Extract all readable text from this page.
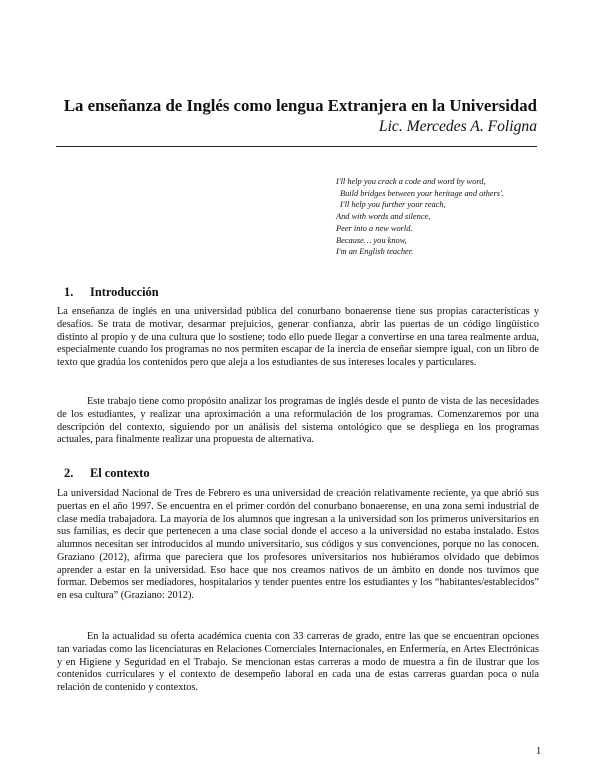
La enseñanza de Inglés como lengua Extranjera en la Universidad
Lic. Mercedes A. Foligna
I'll help you crack a code and word by word,
Build bridges between your heritage and others'.
I'll help you further your reach,
And with words and silence,
Peer into a new world.
Because… you know,
I'm an English teacher.
1. Introducción

La enseñanza de inglés en una universidad pública del conurbano bonaerense tiene sus propias características y desafíos. Se trata de motivar, desarmar prejuicios, generar confianza, abrir las puertas de un código lingüístico distinto al propio y de una cultura que lo sostiene; todo ello puede llegar a convertirse en una tarea realmente ardua, especialmente cuando los programas no nos permiten escapar de la inercia de enseñar siempre igual, con un libro de texto que gradúa los contenidos pero que aleja a los estudiantes de sus intereses locales y particulares.

Este trabajo tiene como propósito analizar los programas de inglés desde el punto de vista de las necesidades de los estudiantes, y realizar una aproximación a una reformulación de los programas. Comenzaremos por una descripción del contexto, siguiendo por un análisis del sistema ontológico que se despliega en los programas actuales, para finalmente realizar una propuesta de alternativa.

2. El contexto

La universidad Nacional de Tres de Febrero es una universidad de creación relativamente reciente, ya que abrió sus puertas en el año 1997. Se encuentra en el primer cordón del conurbano bonaerense, en una zona semi industrial de clase media trabajadora. La mayoría de los alumnos que ingresan a la universidad son los primeros universitarios en sus familias, es decir que pertenecen a una clase social donde el acceso a la universidad no estaba instalado. Estos alumnos necesitan ser introducidos al mundo universitario, sus códigos y sus convenciones, porque no las conocen. Graziano (2012), afirma que pareciera que los profesores universitarios nos hubiéramos olvidado que debimos aprender a estar en la universidad. Eso hace que nos creamos nativos de un ámbito en donde nos tuvimos que formar. Debemos ser mediadores, hospitalarios y tender puentes entre los estudiantes y los “habitantes/establecidos” en esa cultura” (Graziano: 2012).

En la actualidad su oferta académica cuenta con 33 carreras de grado, entre las que se encuentran opciones tan variadas como las licenciaturas en Relaciones Comerciales Internacionales, en Enfermería, en Artes Electrónicas y en Higiene y Seguridad en el Trabajo. Se mencionan estas carreras a modo de muestra a fin de ilustrar que los contenidos curriculares y el contexto de desempeño laboral en cada una de estas carreras guardan poca o nula relación de contenido y contextos.

1
